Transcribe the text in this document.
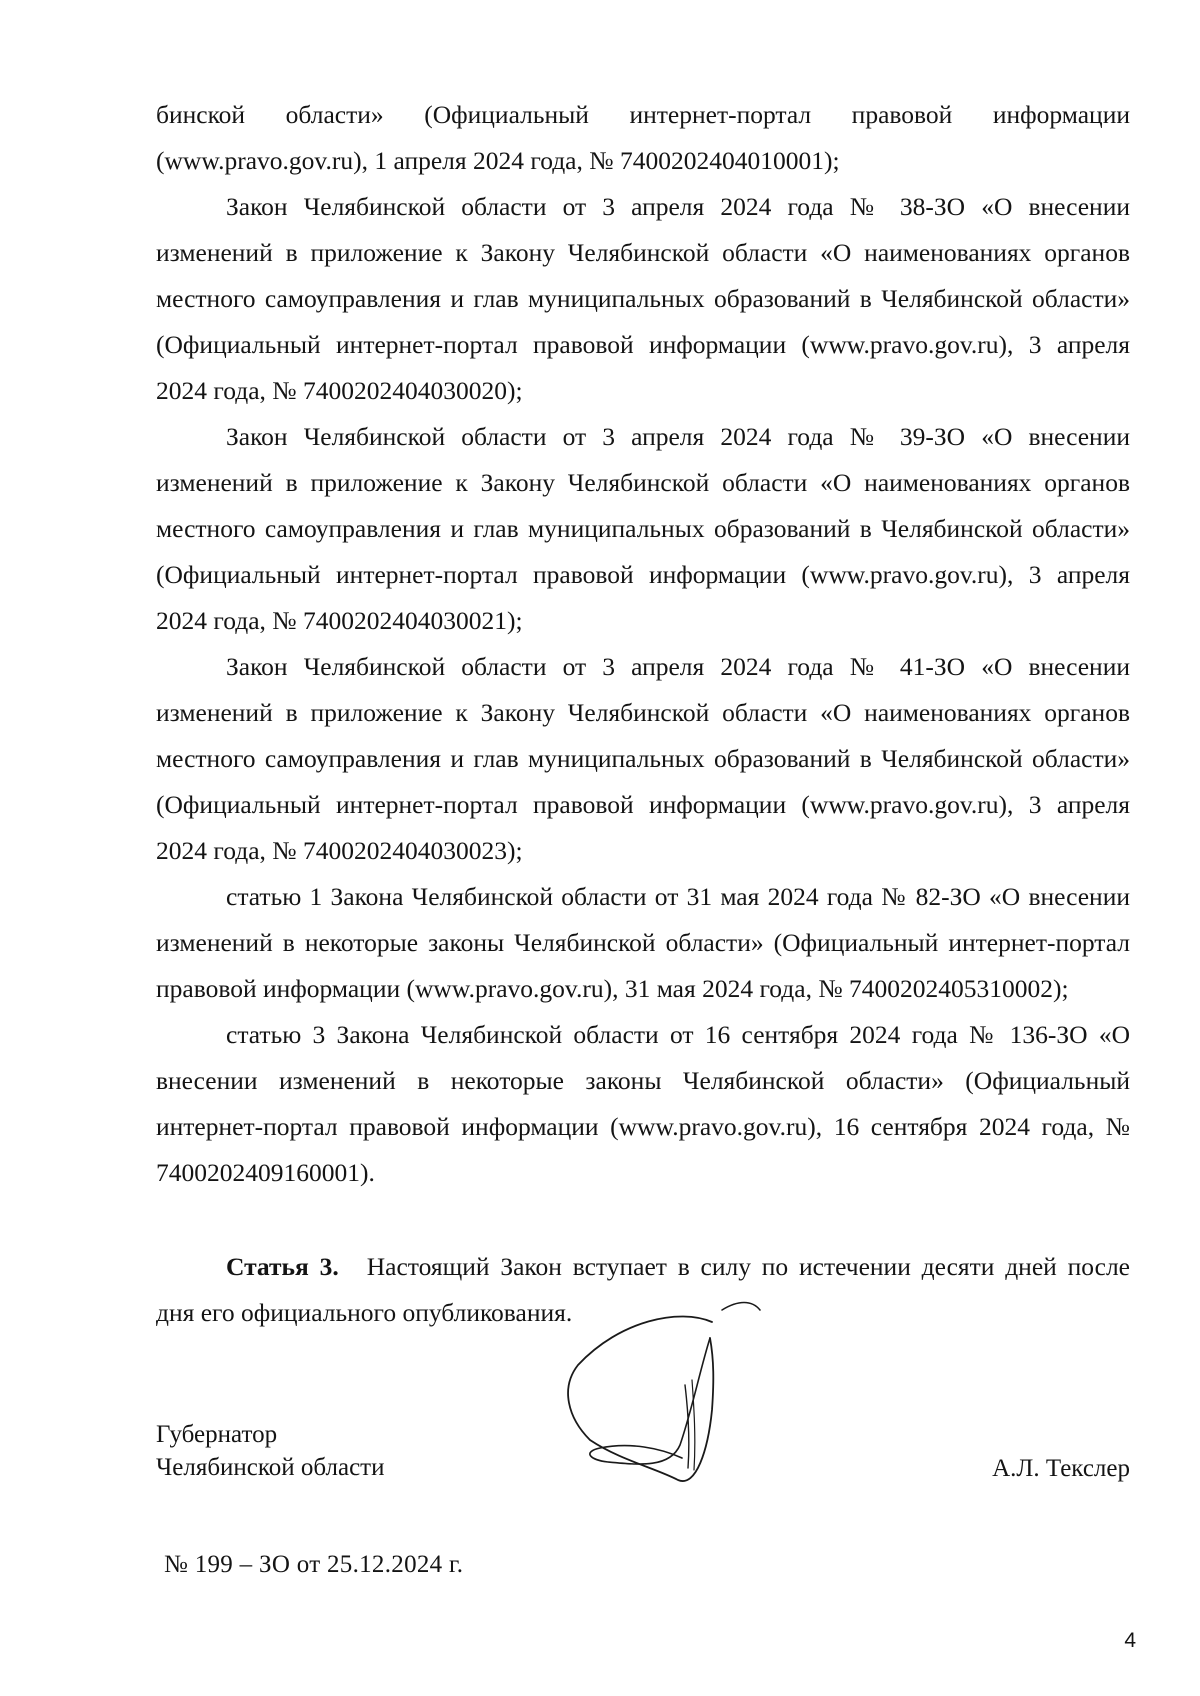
бинской области» (Официальный интернет-портал правовой информации (www.pravo.gov.ru), 1 апреля 2024 года, № 7400202404010001);

Закон Челябинской области от 3 апреля 2024 года № 38-ЗО «О внесении изменений в приложение к Закону Челябинской области «О наименованиях органов местного самоуправления и глав муниципальных образований в Челябинской области» (Официальный интернет-портал правовой информации (www.pravo.gov.ru), 3 апреля 2024 года, № 7400202404030020);

Закон Челябинской области от 3 апреля 2024 года № 39-ЗО «О внесении изменений в приложение к Закону Челябинской области «О наименованиях органов местного самоуправления и глав муниципальных образований в Челябинской области» (Официальный интернет-портал правовой информации (www.pravo.gov.ru), 3 апреля 2024 года, № 7400202404030021);

Закон Челябинской области от 3 апреля 2024 года № 41-ЗО «О внесении изменений в приложение к Закону Челябинской области «О наименованиях органов местного самоуправления и глав муниципальных образований в Челябинской области» (Официальный интернет-портал правовой информации (www.pravo.gov.ru), 3 апреля 2024 года, № 7400202404030023);

статью 1 Закона Челябинской области от 31 мая 2024 года № 82-ЗО «О внесении изменений в некоторые законы Челябинской области» (Официальный интернет-портал правовой информации (www.pravo.gov.ru), 31 мая 2024 года, № 7400202405310002);

статью 3 Закона Челябинской области от 16 сентября 2024 года № 136-ЗО «О внесении изменений в некоторые законы Челябинской области» (Официальный интернет-портал правовой информации (www.pravo.gov.ru), 16 сентября 2024 года, № 7400202409160001).

Статья 3. Настоящий Закон вступает в силу по истечении десяти дней после дня его официального опубликования.

Губернатор
Челябинской области	А.Л. Текслер
№ 199 – ЗО от 25.12.2024 г.
4
